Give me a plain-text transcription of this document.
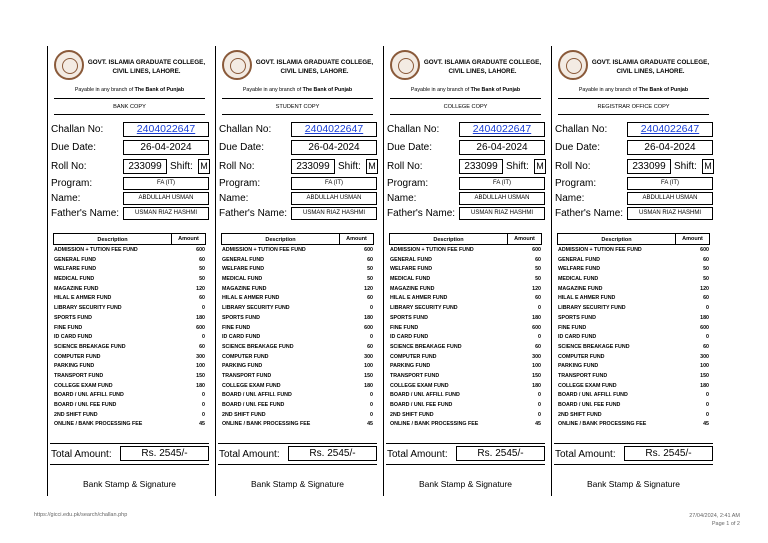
GOVT. ISLAMIA GRADUATE COLLEGE,
CIVIL LINES, LAHORE.
Payable in any branch of The Bank of Punjab
BANK COPY
Challan No:	2404022647
Due Date:	26-04-2024
Roll No:	233099 Shift: M
Program:	FA (IT)
Name:	ABDULLAH USMAN
Father's Name:	USMAN RIAZ HASHMI
Description	Amount
ADMISSION + TUTION FEE FUND	600
GENERAL FUND	60
WELFARE FUND	50
MEDICAL FUND	50
MAGAZINE FUND	120
HILAL E AHMER FUND	60
LIBRARY SECURITY FUND	0
SPORTS FUND	180
FINE FUND	600
ID CARD FUND	0
SCIENCE BREAKAGE FUND	60
COMPUTER FUND	300
PARKING FUND	100
TRANSPORT FUND	150
COLLEGE EXAM FUND	180
BOARD / UNI. AFFILI. FUND	0
BOARD / UNI. FEE FUND	0
2ND SHIFT FUND	0
ONLINE / BANK PROCESSING FEE	45
Total Amount:	Rs. 2545/-
Bank Stamp & Signature
GOVT. ISLAMIA GRADUATE COLLEGE,
CIVIL LINES, LAHORE.
Payable in any branch of The Bank of Punjab
STUDENT COPY
Challan No:	2404022647
Due Date:	26-04-2024
Roll No:	233099 Shift: M
Program:	FA (IT)
Name:	ABDULLAH USMAN
Father's Name:	USMAN RIAZ HASHMI
Description	Amount
ADMISSION + TUTION FEE FUND	600
GENERAL FUND	60
WELFARE FUND	50
MEDICAL FUND	50
MAGAZINE FUND	120
HILAL E AHMER FUND	60
LIBRARY SECURITY FUND	0
SPORTS FUND	180
FINE FUND	600
ID CARD FUND	0
SCIENCE BREAKAGE FUND	60
COMPUTER FUND	300
PARKING FUND	100
TRANSPORT FUND	150
COLLEGE EXAM FUND	180
BOARD / UNI. AFFILI. FUND	0
BOARD / UNI. FEE FUND	0
2ND SHIFT FUND	0
ONLINE / BANK PROCESSING FEE	45
Total Amount:	Rs. 2545/-
Bank Stamp & Signature
GOVT. ISLAMIA GRADUATE COLLEGE,
CIVIL LINES, LAHORE.
Payable in any branch of The Bank of Punjab
COLLEGE COPY
Challan No:	2404022647
Due Date:	26-04-2024
Roll No:	233099 Shift: M
Program:	FA (IT)
Name:	ABDULLAH USMAN
Father's Name:	USMAN RIAZ HASHMI
Description	Amount
ADMISSION + TUTION FEE FUND	600
GENERAL FUND	60
WELFARE FUND	50
MEDICAL FUND	50
MAGAZINE FUND	120
HILAL E AHMER FUND	60
LIBRARY SECURITY FUND	0
SPORTS FUND	180
FINE FUND	600
ID CARD FUND	0
SCIENCE BREAKAGE FUND	60
COMPUTER FUND	300
PARKING FUND	100
TRANSPORT FUND	150
COLLEGE EXAM FUND	180
BOARD / UNI. AFFILI. FUND	0
BOARD / UNI. FEE FUND	0
2ND SHIFT FUND	0
ONLINE / BANK PROCESSING FEE	45
Total Amount:	Rs. 2545/-
Bank Stamp & Signature
GOVT. ISLAMIA GRADUATE COLLEGE,
CIVIL LINES, LAHORE.
Payable in any branch of The Bank of Punjab
REGISTRAR OFFICE COPY
Challan No:	2404022647
Due Date:	26-04-2024
Roll No:	233099 Shift: M
Program:	FA (IT)
Name:	ABDULLAH USMAN
Father's Name:	USMAN RIAZ HASHMI
Description	Amount
ADMISSION + TUTION FEE FUND	600
GENERAL FUND	60
WELFARE FUND	50
MEDICAL FUND	50
MAGAZINE FUND	120
HILAL E AHMER FUND	60
LIBRARY SECURITY FUND	0
SPORTS FUND	180
FINE FUND	600
ID CARD FUND	0
SCIENCE BREAKAGE FUND	60
COMPUTER FUND	300
PARKING FUND	100
TRANSPORT FUND	150
COLLEGE EXAM FUND	180
BOARD / UNI. AFFILI. FUND	0
BOARD / UNI. FEE FUND	0
2ND SHIFT FUND	0
ONLINE / BANK PROCESSING FEE	45
Total Amount:	Rs. 2545/-
Bank Stamp & Signature
https://gicci.edu.pk/search/challan.php	27/04/2024, 2:41 AM
Page 1 of 2
